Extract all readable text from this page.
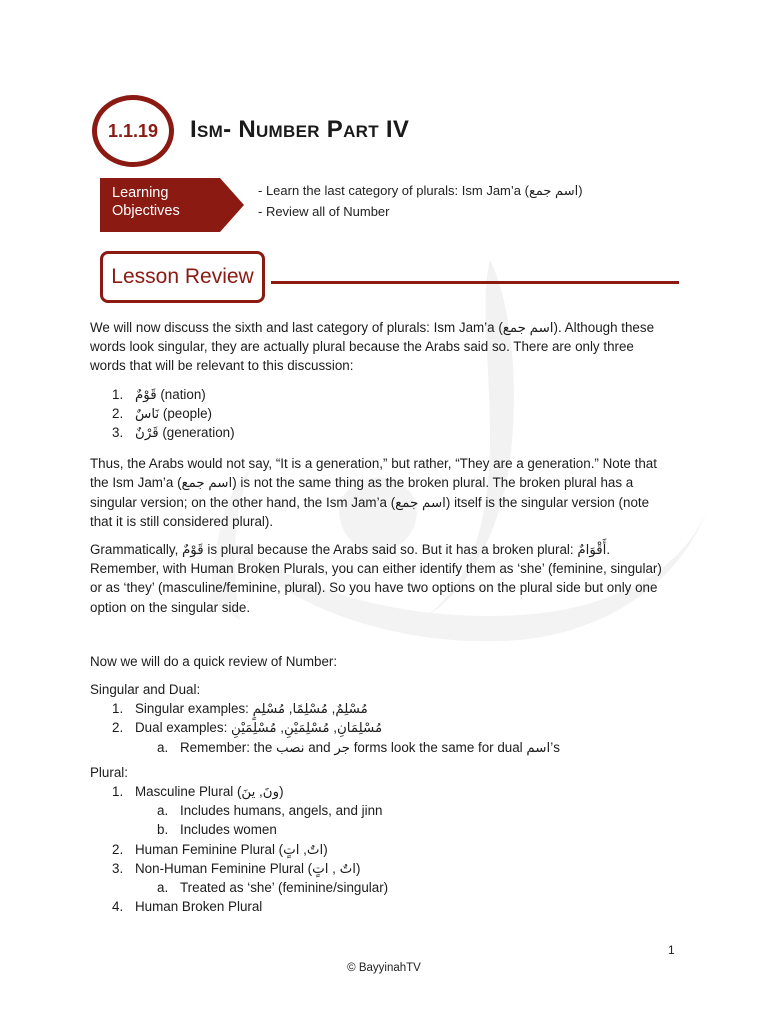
1.1.19 Ism- Number Part IV
Learning
Objectives
- Learn the last category of plurals: Ism Jam’a (اسم جمع)
- Review all of Number
Lesson Review

We will now discuss the sixth and last category of plurals: Ism Jam’a (اسم جمع). Although these words look singular, they are actually plural because the Arabs said so. There are only three words that will be relevant to this discussion:

1. قَوْمٌ (nation)
2. نَاسٌ (people)
3. قَرْنٌ (generation)

Thus, the Arabs would not say, “It is a generation,” but rather, “They are a generation.” Note that the Ism Jam’a (اسم جمع) is not the same thing as the broken plural. The broken plural has a singular version; on the other hand, the Ism Jam’a (اسم جمع) itself is the singular version (note that it is still considered plural).

Grammatically, قَوْمٌ is plural because the Arabs said so. But it has a broken plural: أَقْوَامٌ. Remember, with Human Broken Plurals, you can either identify them as ‘she’ (feminine, singular) or as ‘they’ (masculine/feminine, plural). So you have two options on the plural side but only one option on the singular side.

Now we will do a quick review of Number:

Singular and Dual:
1. Singular examples: مُسْلِمٌ, مُسْلِمًا, مُسْلِمٍ
2. Dual examples: مُسْلِمَانِ, مُسْلِمَيْنِ, مُسْلِمَيْنِ
a. Remember: the نصب and جر forms look the same for dual اسم’s
Plural:
1. Masculine Plural (ونَ, ينَ)
a. Includes humans, angels, and jinn
b. Includes women
2. Human Feminine Plural (اتٌ, اتٍ)
3. Non-Human Feminine Plural (اتٌ , اتٍ)
a. Treated as ‘she’ (feminine/singular)
4. Human Broken Plural
1
© BayyinahTV
